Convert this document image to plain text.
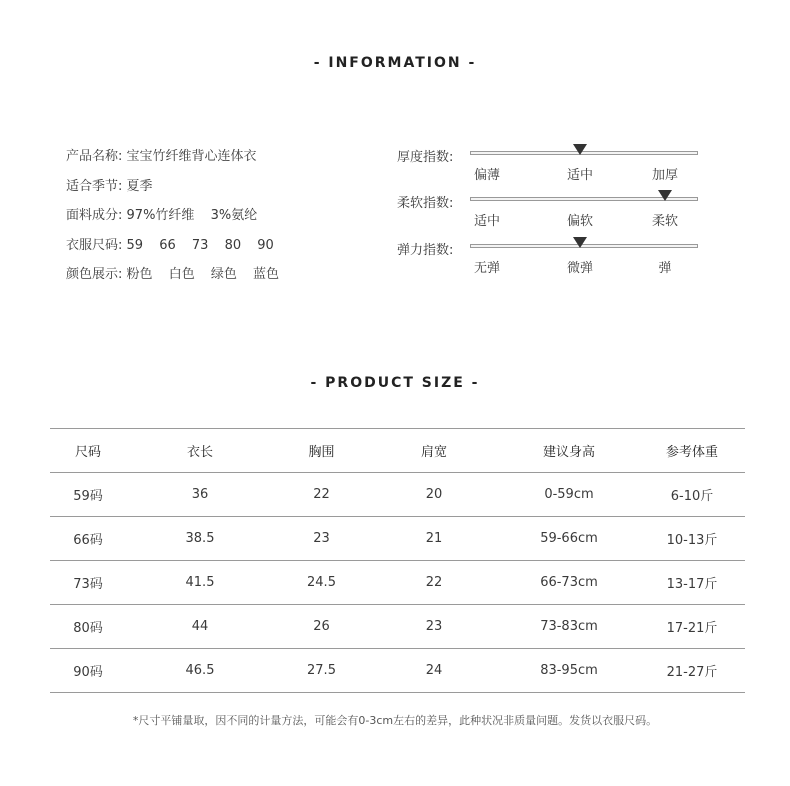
- INFORMATION -
产品名称: 宝宝竹纤维背心连体衣
适合季节: 夏季
面料成分: 97%竹纤维 3%氨纶
衣服尺码: 59 66 73 80 90
颜色展示: 粉色 白色 绿色 蓝色
厚度指数:
偏薄	适中	加厚
柔软指数:
适中	偏软	柔软
弹力指数:
无弹	微弹	弹
- PRODUCT SIZE -
尺码	衣长	胸围	肩宽	建议身高	参考体重
59码	36	22	20	0-59cm	6-10斤
66码	38.5	23	21	59-66cm	10-13斤
73码	41.5	24.5	22	66-73cm	13-17斤
80码	44	26	23	73-83cm	17-21斤
90码	46.5	27.5	24	83-95cm	21-27斤
*尺寸平铺量取，因不同的计量方法，可能会有0-3cm左右的差异，此种状况非质量问题。发货以衣服尺码。
